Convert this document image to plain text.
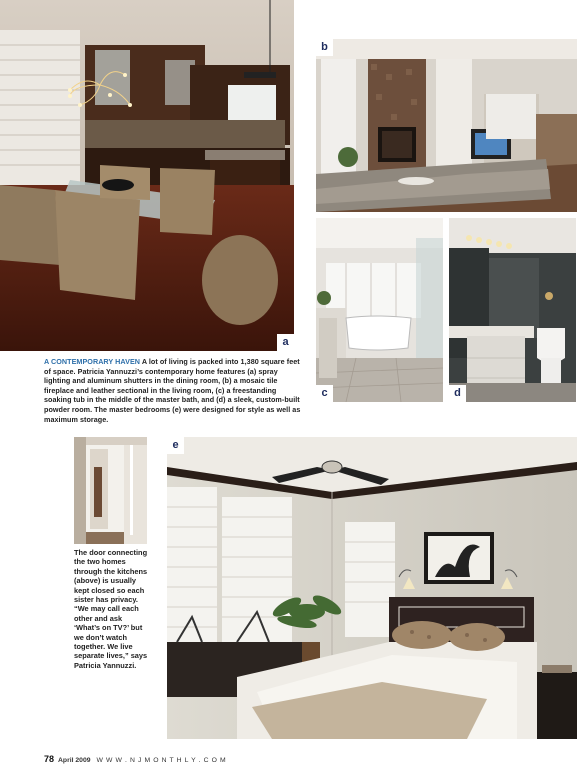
a
b
c	d
A CONTEMPORARY HAVEN A lot of living is packed into 1,380 square feet of space. Patricia Yannuzzi’s contemporary home features (a) spray lighting and aluminum shutters in the dining room, (b) a mosaic tile fireplace and leather sectional in the living room, (c) a freestanding soaking tub in the middle of the master bath, and (d) a sleek, custom-built powder room. The master bedrooms (e) were designed for style as well as maximum storage.
The door connecting the two homes through the kitchens (above) is usually kept closed so each sister has privacy. “We may call each other and ask ‘What’s on TV?’ but we don’t watch together. We live separate lives,” says Patricia Yannuzzi.
e
78 April 2009 W W W . N J M O N T H L Y . C O M
